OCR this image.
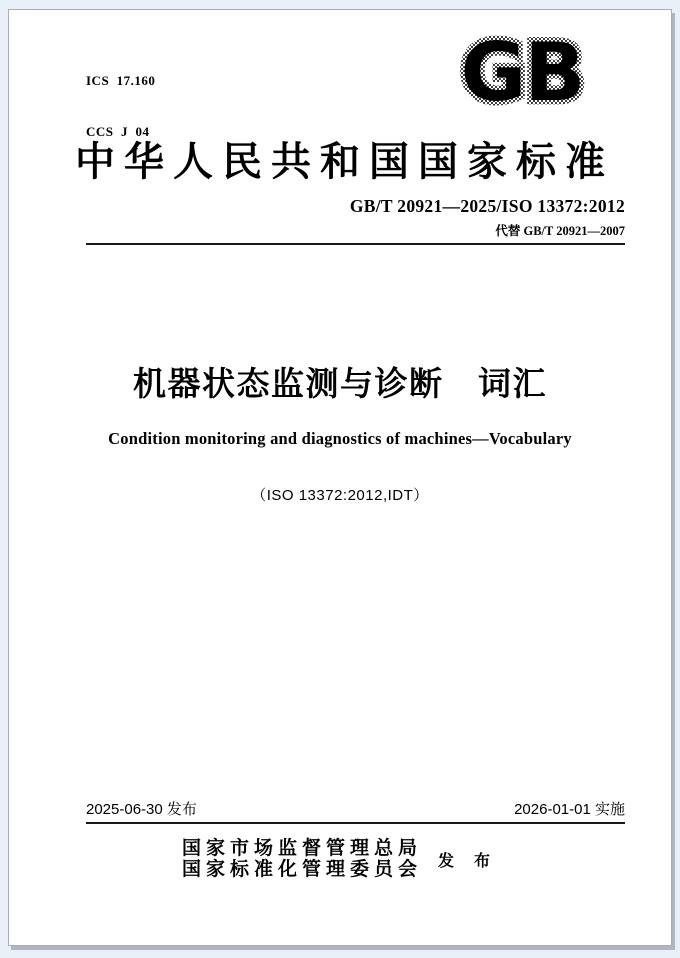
ICS  17.160

CCS  J  04

GB
中华人民共和国国家标准
GB/T 20921—2025/ISO 13372:2012
代替 GB/T 20921—2007
机器状态监测与诊断　词汇
Condition monitoring and diagnostics of machines—Vocabulary
（ISO 13372:2012,IDT）
2025-06-30 发布	2026-01-01 实施
国家市场监督管理总局
国家标准化管理委员会 发 布
